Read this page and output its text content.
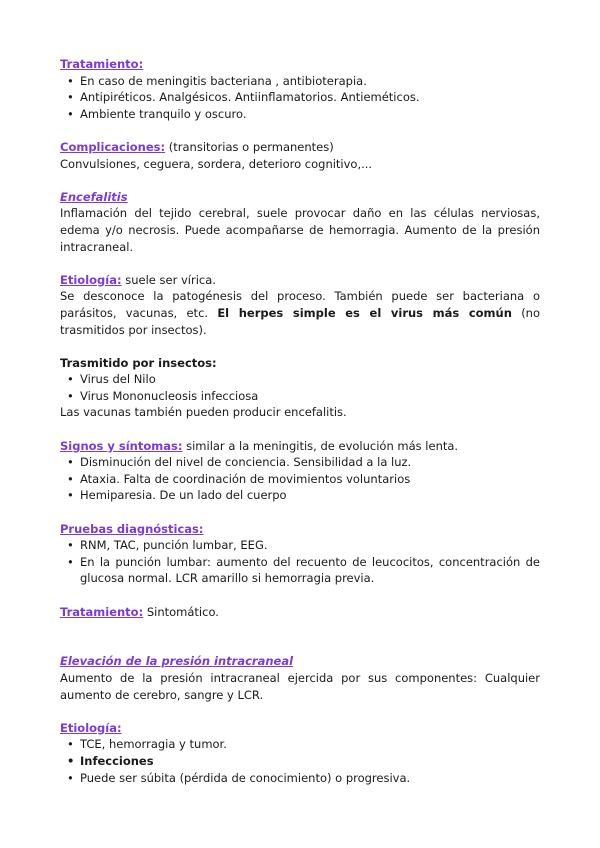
Tratamiento:

• En caso de meningitis bacteriana , antibioterapia.
• Antipiréticos. Analgésicos. Antiinflamatorios. Antieméticos.
• Ambiente tranquilo y oscuro.

Complicaciones: (transitorias o permanentes)

Convulsiones, ceguera, sordera, deterioro cognitivo,...

Encefalitis

Inflamación del tejido cerebral, suele provocar daño en las células nerviosas, edema y/o necrosis. Puede acompañarse de hemorragia. Aumento de la presión intracraneal.

Etiología: suele ser vírica.

Se desconoce la patogénesis del proceso. También puede ser bacteriana o parásitos, vacunas, etc. El herpes simple es el virus más común (no trasmitidos por insectos).

Trasmitido por insectos:

• Virus del Nilo
• Virus Mononucleosis infecciosa

Las vacunas también pueden producir encefalitis.

Signos y síntomas: similar a la meningitis, de evolución más lenta.

• Disminución del nivel de conciencia. Sensibilidad a la luz.
• Ataxia. Falta de coordinación de movimientos voluntarios
• Hemiparesia. De un lado del cuerpo

Pruebas diagnósticas:

• RNM, TAC, punción lumbar, EEG.
• En la punción lumbar: aumento del recuento de leucocitos, concentración de glucosa normal. LCR amarillo si hemorragia previa.

Tratamiento: Sintomático.

Elevación de la presión intracraneal

Aumento de la presión intracraneal ejercida por sus componentes: Cualquier aumento de cerebro, sangre y LCR.

Etiología:

• TCE, hemorragia y tumor.
• Infecciones
• Puede ser súbita (pérdida de conocimiento) o progresiva.
